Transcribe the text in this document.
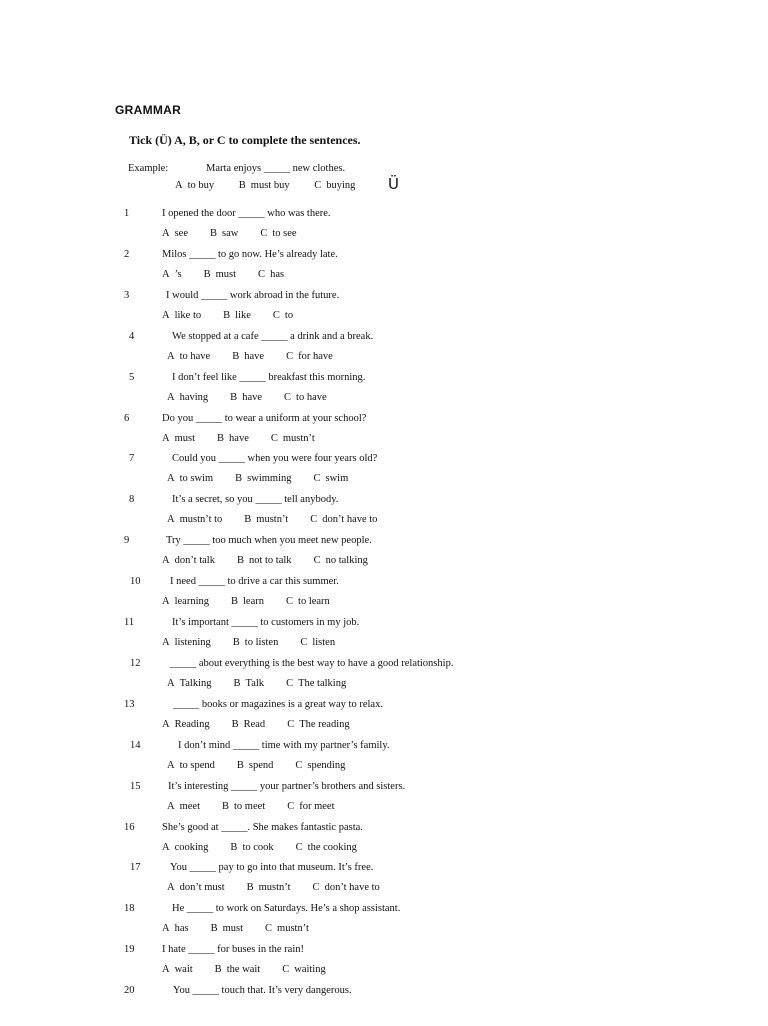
GRAMMAR
Tick (Ü) A, B, or C to complete the sentences.
Example:	Marta enjoys _____ new clothes.
A to buy B must buy C buying	Ü
1	I opened the door _____ who was there.
A see B saw C to see
2	Milos _____ to go now. He’s already late.
A ’s B must C has
3	I would _____ work abroad in the future.
A like to B like C to
4	We stopped at a cafe _____ a drink and a break.
A to have B have C for have
5	I don’t feel like _____ breakfast this morning.
A having B have C to have
6	Do you _____ to wear a uniform at your school?
A must B have C mustn’t
7	Could you _____ when you were four years old?
A to swim B swimming C swim
8	It’s a secret, so you _____ tell anybody.
A mustn’t to B mustn’t C don’t have to
9	Try _____ too much when you meet new people.
A don’t talk B not to talk C no talking
10	I need _____ to drive a car this summer.
A learning B learn C to learn
11	It’s important _____ to customers in my job.
A listening B to listen C listen
12	_____ about everything is the best way to have a good relationship.
A Talking B Talk C The talking
13	_____ books or magazines is a great way to relax.
A Reading B Read C The reading
14	I don’t mind _____ time with my partner’s family.
A to spend B spend C spending
15	It’s interesting _____ your partner’s brothers and sisters.
A meet B to meet C for meet
16	She’s good at _____. She makes fantastic pasta.
A cooking B to cook C the cooking
17	You _____ pay to go into that museum. It’s free.
A don’t must B mustn’t C don’t have to
18	He _____ to work on Saturdays. He’s a shop assistant.
A has B must C mustn’t
19	I hate _____ for buses in the rain!
A wait B the wait C waiting
20	You _____ touch that. It’s very dangerous.
